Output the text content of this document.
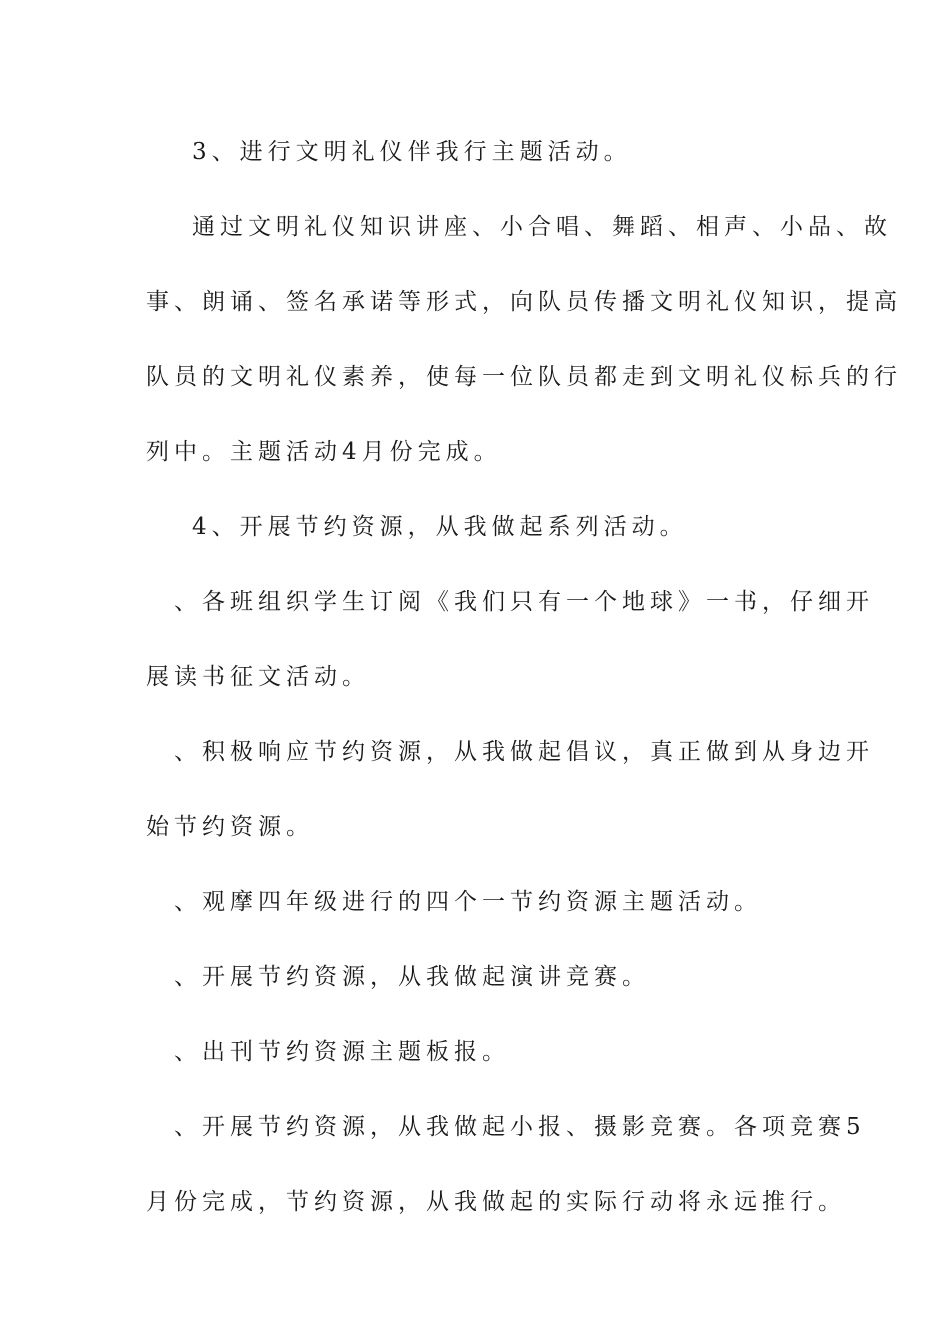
3、进行文明礼仪伴我行主题活动。
通过文明礼仪知识讲座、小合唱、舞蹈、相声、小品、故
事、朗诵、签名承诺等形式，向队员传播文明礼仪知识，提高
队员的文明礼仪素养，使每一位队员都走到文明礼仪标兵的行
列中。主题活动4月份完成。
4、开展节约资源，从我做起系列活动。
、各班组织学生订阅《我们只有一个地球》一书，仔细开
展读书征文活动。
、积极响应节约资源，从我做起倡议，真正做到从身边开
始节约资源。
、观摩四年级进行的四个一节约资源主题活动。
、开展节约资源，从我做起演讲竞赛。
、出刊节约资源主题板报。
、开展节约资源，从我做起小报、摄影竞赛。各项竞赛5
月份完成，节约资源，从我做起的实际行动将永远推行。
